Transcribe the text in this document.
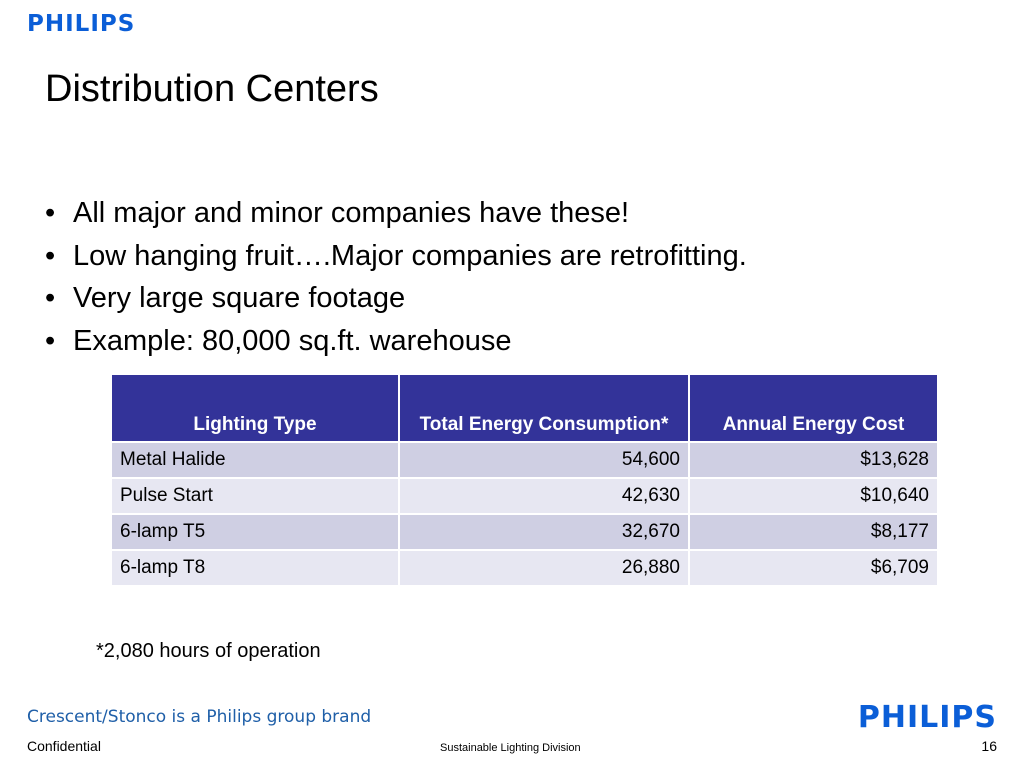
PHILIPS
Distribution Centers
• All major and minor companies have these!
• Low hanging fruit….Major companies are retrofitting.
• Very large square footage
• Example: 80,000 sq.ft. warehouse
Lighting Type	Total Energy Consumption*	Annual Energy Cost
Metal Halide	54,600	$13,628
Pulse Start	42,630	$10,640
6-lamp T5	32,670	$8,177
6-lamp T8	26,880	$6,709
*2,080 hours of operation
Crescent/Stonco is a Philips group brand	PHILIPS
Confidential	Sustainable Lighting Division	16
